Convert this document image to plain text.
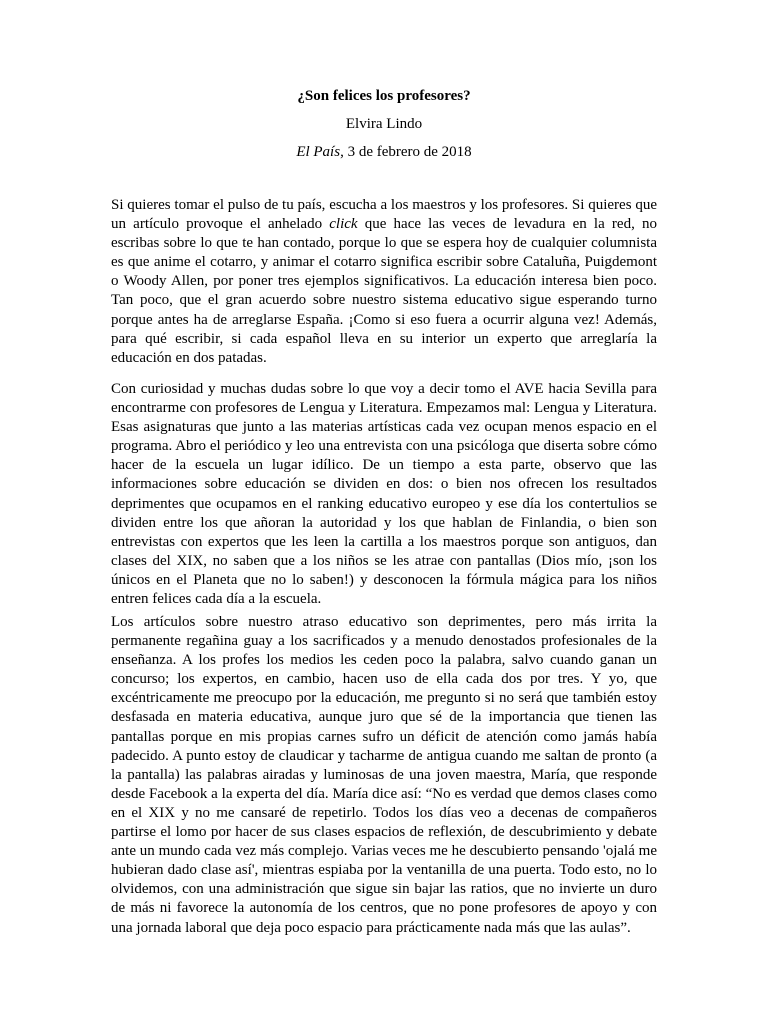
¿Son felices los profesores?
Elvira Lindo
El País, 3 de febrero de 2018

Si quieres tomar el pulso de tu país, escucha a los maestros y los profesores. Si quieres que un artículo provoque el anhelado click que hace las veces de levadura en la red, no escribas sobre lo que te han contado, porque lo que se espera hoy de cualquier columnista es que anime el cotarro, y animar el cotarro significa escribir sobre Cataluña, Puigdemont o Woody Allen, por poner tres ejemplos significativos. La educación interesa bien poco. Tan poco, que el gran acuerdo sobre nuestro sistema educativo sigue esperando turno porque antes ha de arreglarse España. ¡Como si eso fuera a ocurrir alguna vez! Además, para qué escribir, si cada español lleva en su interior un experto que arreglaría la educación en dos patadas.

Con curiosidad y muchas dudas sobre lo que voy a decir tomo el AVE hacia Sevilla para encontrarme con profesores de Lengua y Literatura. Empezamos mal: Lengua y Literatura. Esas asignaturas que junto a las materias artísticas cada vez ocupan menos espacio en el programa. Abro el periódico y leo una entrevista con una psicóloga que diserta sobre cómo hacer de la escuela un lugar idílico. De un tiempo a esta parte, observo que las informaciones sobre educación se dividen en dos: o bien nos ofrecen los resultados deprimentes que ocupamos en el ranking educativo europeo y ese día los contertulios se dividen entre los que añoran la autoridad y los que hablan de Finlandia, o bien son entrevistas con expertos que les leen la cartilla a los maestros porque son antiguos, dan clases del XIX, no saben que a los niños se les atrae con pantallas (Dios mío, ¡son los únicos en el Planeta que no lo saben!) y desconocen la fórmula mágica para los niños entren felices cada día a la escuela.

Los artículos sobre nuestro atraso educativo son deprimentes, pero más irrita la permanente regañina guay a los sacrificados y a menudo denostados profesionales de la enseñanza. A los profes los medios les ceden poco la palabra, salvo cuando ganan un concurso; los expertos, en cambio, hacen uso de ella cada dos por tres. Y yo, que excéntricamente me preocupo por la educación, me pregunto si no será que también estoy desfasada en materia educativa, aunque juro que sé de la importancia que tienen las pantallas porque en mis propias carnes sufro un déficit de atención como jamás había padecido. A punto estoy de claudicar y tacharme de antigua cuando me saltan de pronto (a la pantalla) las palabras airadas y luminosas de una joven maestra, María, que responde desde Facebook a la experta del día. María dice así: “No es verdad que demos clases como en el XIX y no me cansaré de repetirlo. Todos los días veo a decenas de compañeros partirse el lomo por hacer de sus clases espacios de reflexión, de descubrimiento y debate ante un mundo cada vez más complejo. Varias veces me he descubierto pensando 'ojalá me hubieran dado clase así', mientras espiaba por la ventanilla de una puerta. Todo esto, no lo olvidemos, con una administración que sigue sin bajar las ratios, que no invierte un duro de más ni favorece la autonomía de los centros, que no pone profesores de apoyo y con una jornada laboral que deja poco espacio para prácticamente nada más que las aulas”.
